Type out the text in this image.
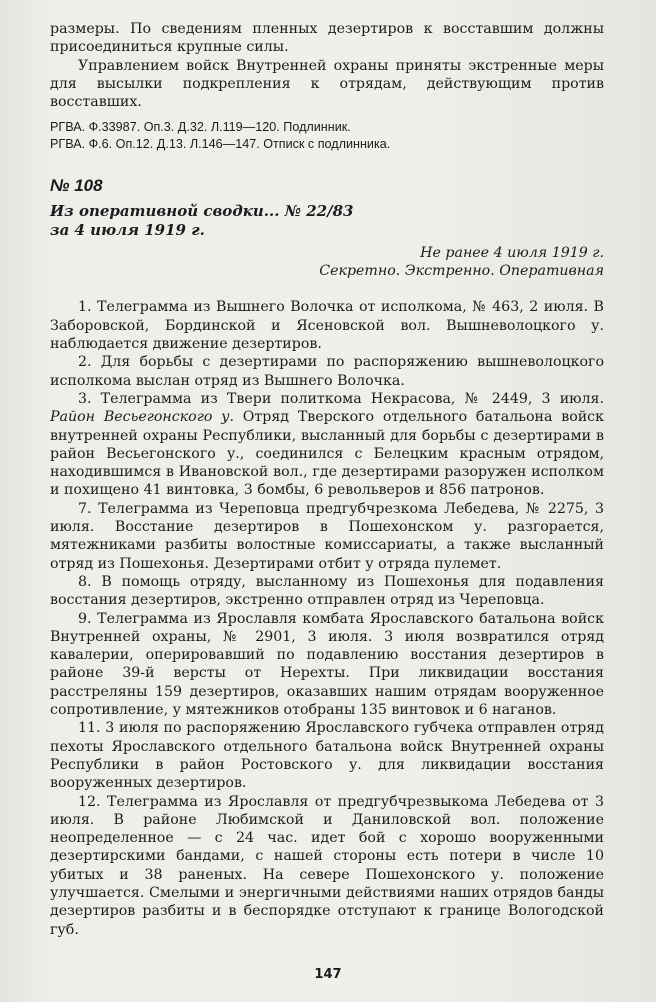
размеры. По сведениям пленных дезертиров к восставшим должны присоединиться крупные силы.

Управлением войск Внутренней охраны приняты экстренные меры для высылки подкрепления к отрядам, действующим против восставших.

РГВА. Ф.33987. Оп.3. Д.32. Л.119—120. Подлинник.

РГВА. Ф.6. Оп.12. Д.13. Л.146—147. Отписк с подлинника.

№ 108

Из оперативной сводки... № 22/83

за 4 июля 1919 г.

Не ранее 4 июля 1919 г.

Секретно. Экстренно. Оперативная

1. Телеграмма из Вышнего Волочка от исполкома, № 463, 2 июля. В Заборовской, Бординской и Ясеновской вол. Вышневолоцкого у. наблюдается движение дезертиров.

2. Для борьбы с дезертирами по распоряжению вышневолоцкого исполкома выслан отряд из Вышнего Волочка.

3. Телеграмма из Твери политкома Некрасова, № 2449, 3 июля. Район Весьегонского у. Отряд Тверского отдельного батальона войск внутренней охраны Республики, высланный для борьбы с дезертирами в район Весьегонского у., соединился с Белецким красным отрядом, находившимся в Ивановской вол., где дезертирами разоружен исполком и похищено 41 винтовка, 3 бомбы, 6 револьверов и 856 патронов.

7. Телеграмма из Череповца предгубчрезкома Лебедева, № 2275, 3 июля. Восстание дезертиров в Пошехонском у. разгорается, мятежниками разбиты волостные комиссариаты, а также высланный отряд из Пошехонья. Дезертирами отбит у отряда пулемет.

8. В помощь отряду, высланному из Пошехонья для подавления восстания дезертиров, экстренно отправлен отряд из Череповца.

9. Телеграмма из Ярославля комбата Ярославского батальона войск Внутренней охраны, № 2901, 3 июля. 3 июля возвратился отряд кавалерии, оперировавший по подавлению восстания дезертиров в районе 39-й версты от Нерехты. При ликвидации восстания расстреляны 159 дезертиров, оказавших нашим отрядам вооруженное сопротивление, у мятежников отобраны 135 винтовок и 6 наганов.

11. 3 июля по распоряжению Ярославского губчека отправлен отряд пехоты Ярославского отдельного батальона войск Внутренней охраны Республики в район Ростовского у. для ликвидации восстания вооруженных дезертиров.

12. Телеграмма из Ярославля от предгубчрезвыкома Лебедева от 3 июля. В районе Любимской и Даниловской вол. положение неопределенное — с 24 час. идет бой с хорошо вооруженными дезертирскими бандами, с нашей стороны есть потери в числе 10 убитых и 38 раненых. На севере Пошехонского у. положение улучшается. Смелыми и энергичными действиями наших отрядов банды дезертиров разбиты и в беспорядке отступают к границе Вологодской губ.

147
